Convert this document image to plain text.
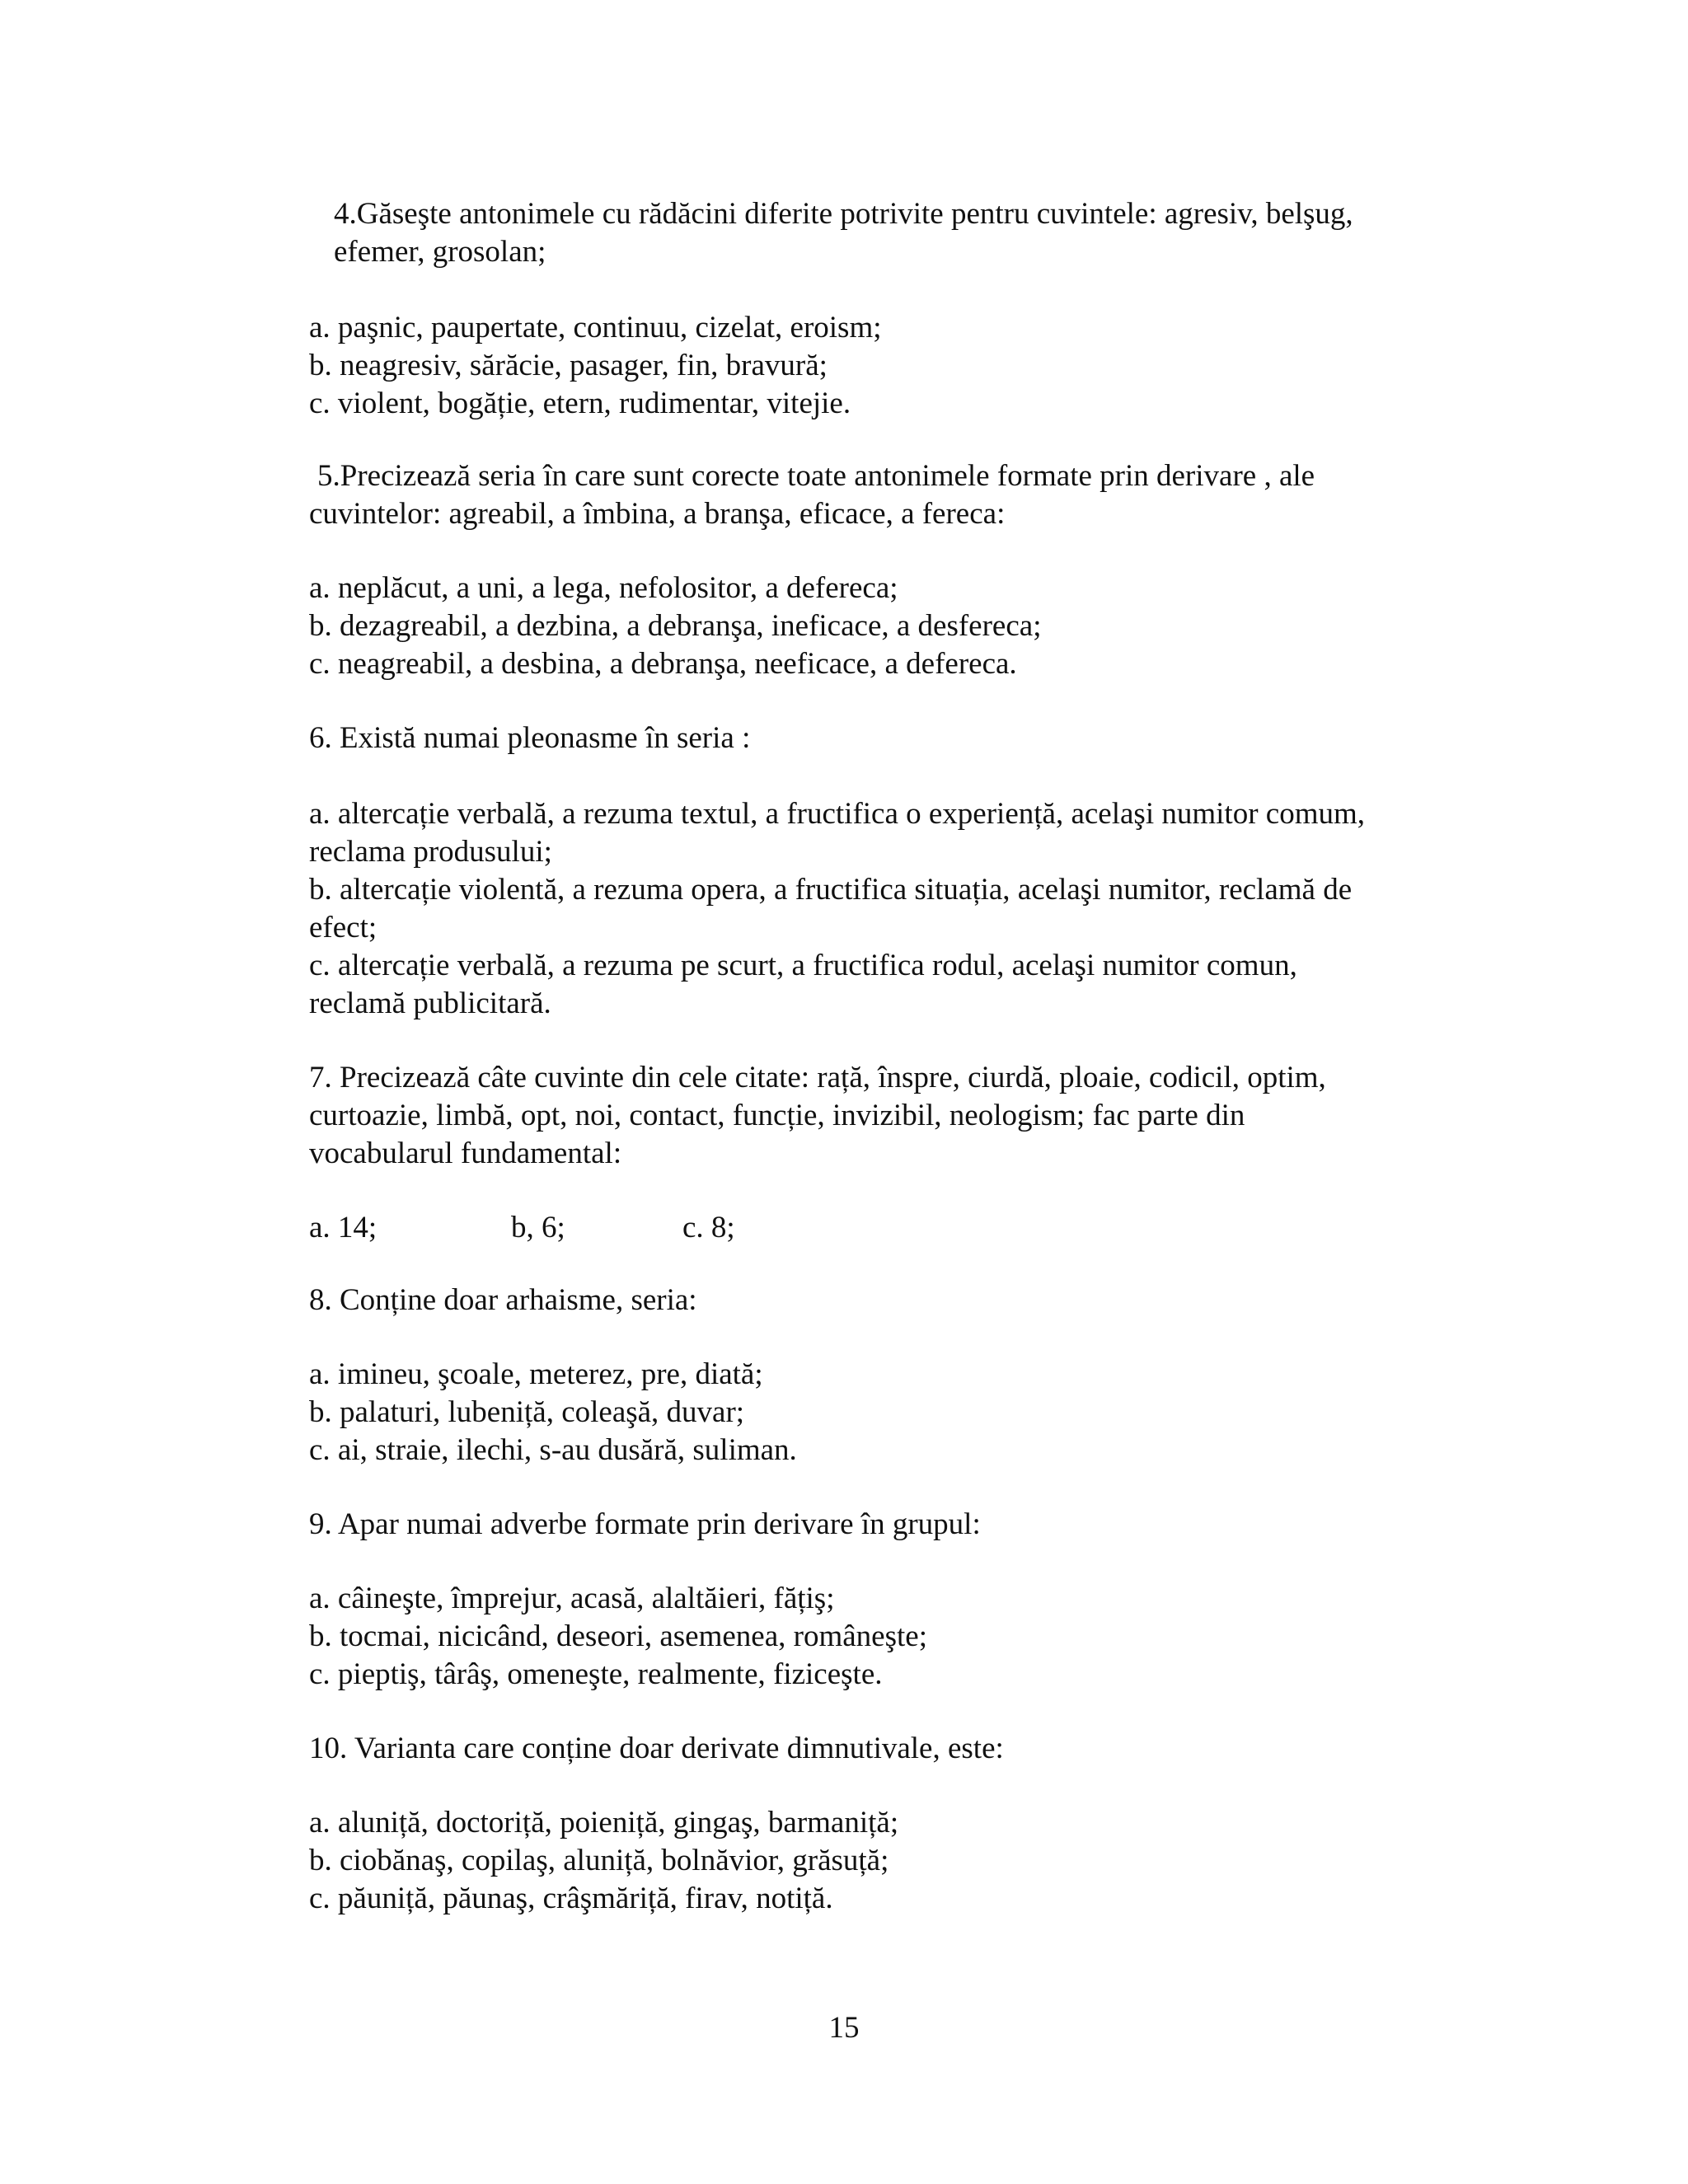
4.Găseşte antonimele cu rădăcini diferite potrivite pentru cuvintele: agresiv, belşug,
efemer, grosolan;
a. paşnic, paupertate, continuu, cizelat, eroism;
b. neagresiv, sărăcie, pasager, fin, bravură;
c. violent, bogăție, etern, rudimentar, vitejie.
5.Precizează seria în care sunt corecte toate antonimele formate prin derivare , ale
cuvintelor: agreabil, a îmbina, a branşa, eficace, a fereca:
a. neplăcut, a uni, a lega, nefolositor, a defereca;
b. dezagreabil, a dezbina, a debranşa, ineficace, a desfereca;
c. neagreabil, a desbina, a debranşa, neeficace, a defereca.
6. Există numai pleonasme în seria :
a. altercație verbală, a rezuma textul, a fructifica o experiență, acelaşi numitor comum,
reclama produsului;
b. altercație violentă, a rezuma opera, a fructifica situația, acelaşi numitor, reclamă de
efect;
c. altercație verbală, a rezuma pe scurt, a fructifica rodul, acelaşi numitor comun,
reclamă publicitară.
7. Precizează câte cuvinte din cele citate: rață, înspre, ciurdă, ploaie, codicil, optim,
curtoazie, limbă, opt, noi, contact, funcție, invizibil, neologism; fac parte din
vocabularul fundamental:
a. 14;	b, 6;	c. 8;
8. Conține doar arhaisme, seria:
a. imineu, şcoale, meterez, pre, diată;
b. palaturi, lubeniță, coleaşă, duvar;
c. ai, straie, ilechi, s-au dusără, suliman.
9. Apar numai adverbe formate prin derivare în grupul:
a. câineşte, împrejur, acasă, alaltăieri, fățiş;
b. tocmai, nicicând, deseori, asemenea, româneşte;
c. pieptiş, târâş, omeneşte, realmente, fiziceşte.
10. Varianta care conține doar derivate dimnutivale, este:
a. aluniță, doctoriță, poieniță, gingaş, barmaniță;
b. ciobănaş, copilaş, aluniță, bolnăvior, grăsuță;
c. păuniță, păunaş, crâşmăriță, firav, notiță.
15
